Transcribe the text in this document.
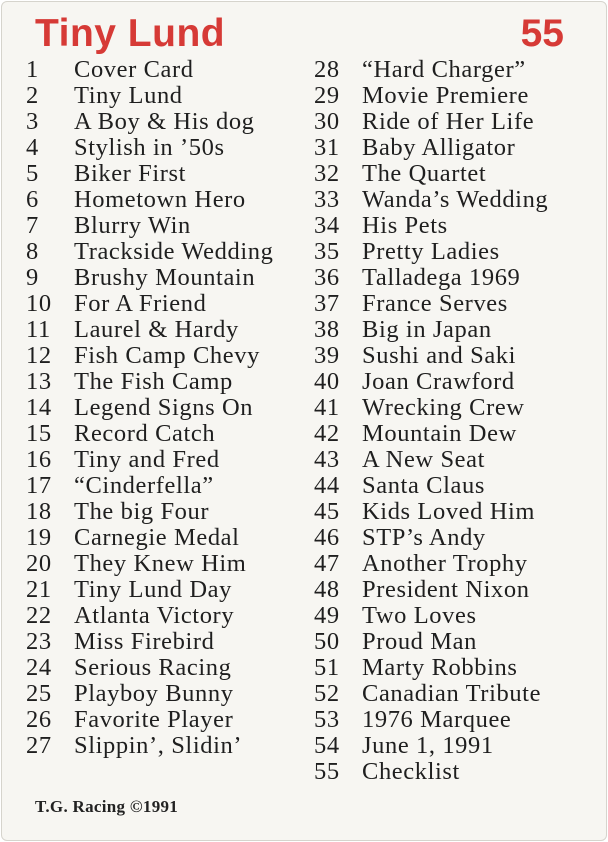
Tiny Lund	55
1 Cover Card
2 Tiny Lund
3 A Boy & His dog
4 Stylish in ’50s
5 Biker First
6 Hometown Hero
7 Blurry Win
8 Trackside Wedding
9 Brushy Mountain
10 For A Friend
11 Laurel & Hardy
12 Fish Camp Chevy
13 The Fish Camp
14 Legend Signs On
15 Record Catch
16 Tiny and Fred
17 “Cinderfella”
18 The big Four
19 Carnegie Medal
20 They Knew Him
21 Tiny Lund Day
22 Atlanta Victory
23 Miss Firebird
24 Serious Racing
25 Playboy Bunny
26 Favorite Player
27 Slippin’, Slidin’
28 “Hard Charger”
29 Movie Premiere
30 Ride of Her Life
31 Baby Alligator
32 The Quartet
33 Wanda’s Wedding
34 His Pets
35 Pretty Ladies
36 Talladega 1969
37 France Serves
38 Big in Japan
39 Sushi and Saki
40 Joan Crawford
41 Wrecking Crew
42 Mountain Dew
43 A New Seat
44 Santa Claus
45 Kids Loved Him
46 STP’s Andy
47 Another Trophy
48 President Nixon
49 Two Loves
50 Proud Man
51 Marty Robbins
52 Canadian Tribute
53 1976 Marquee
54 June 1, 1991
55 Checklist
T.G. Racing ©1991
